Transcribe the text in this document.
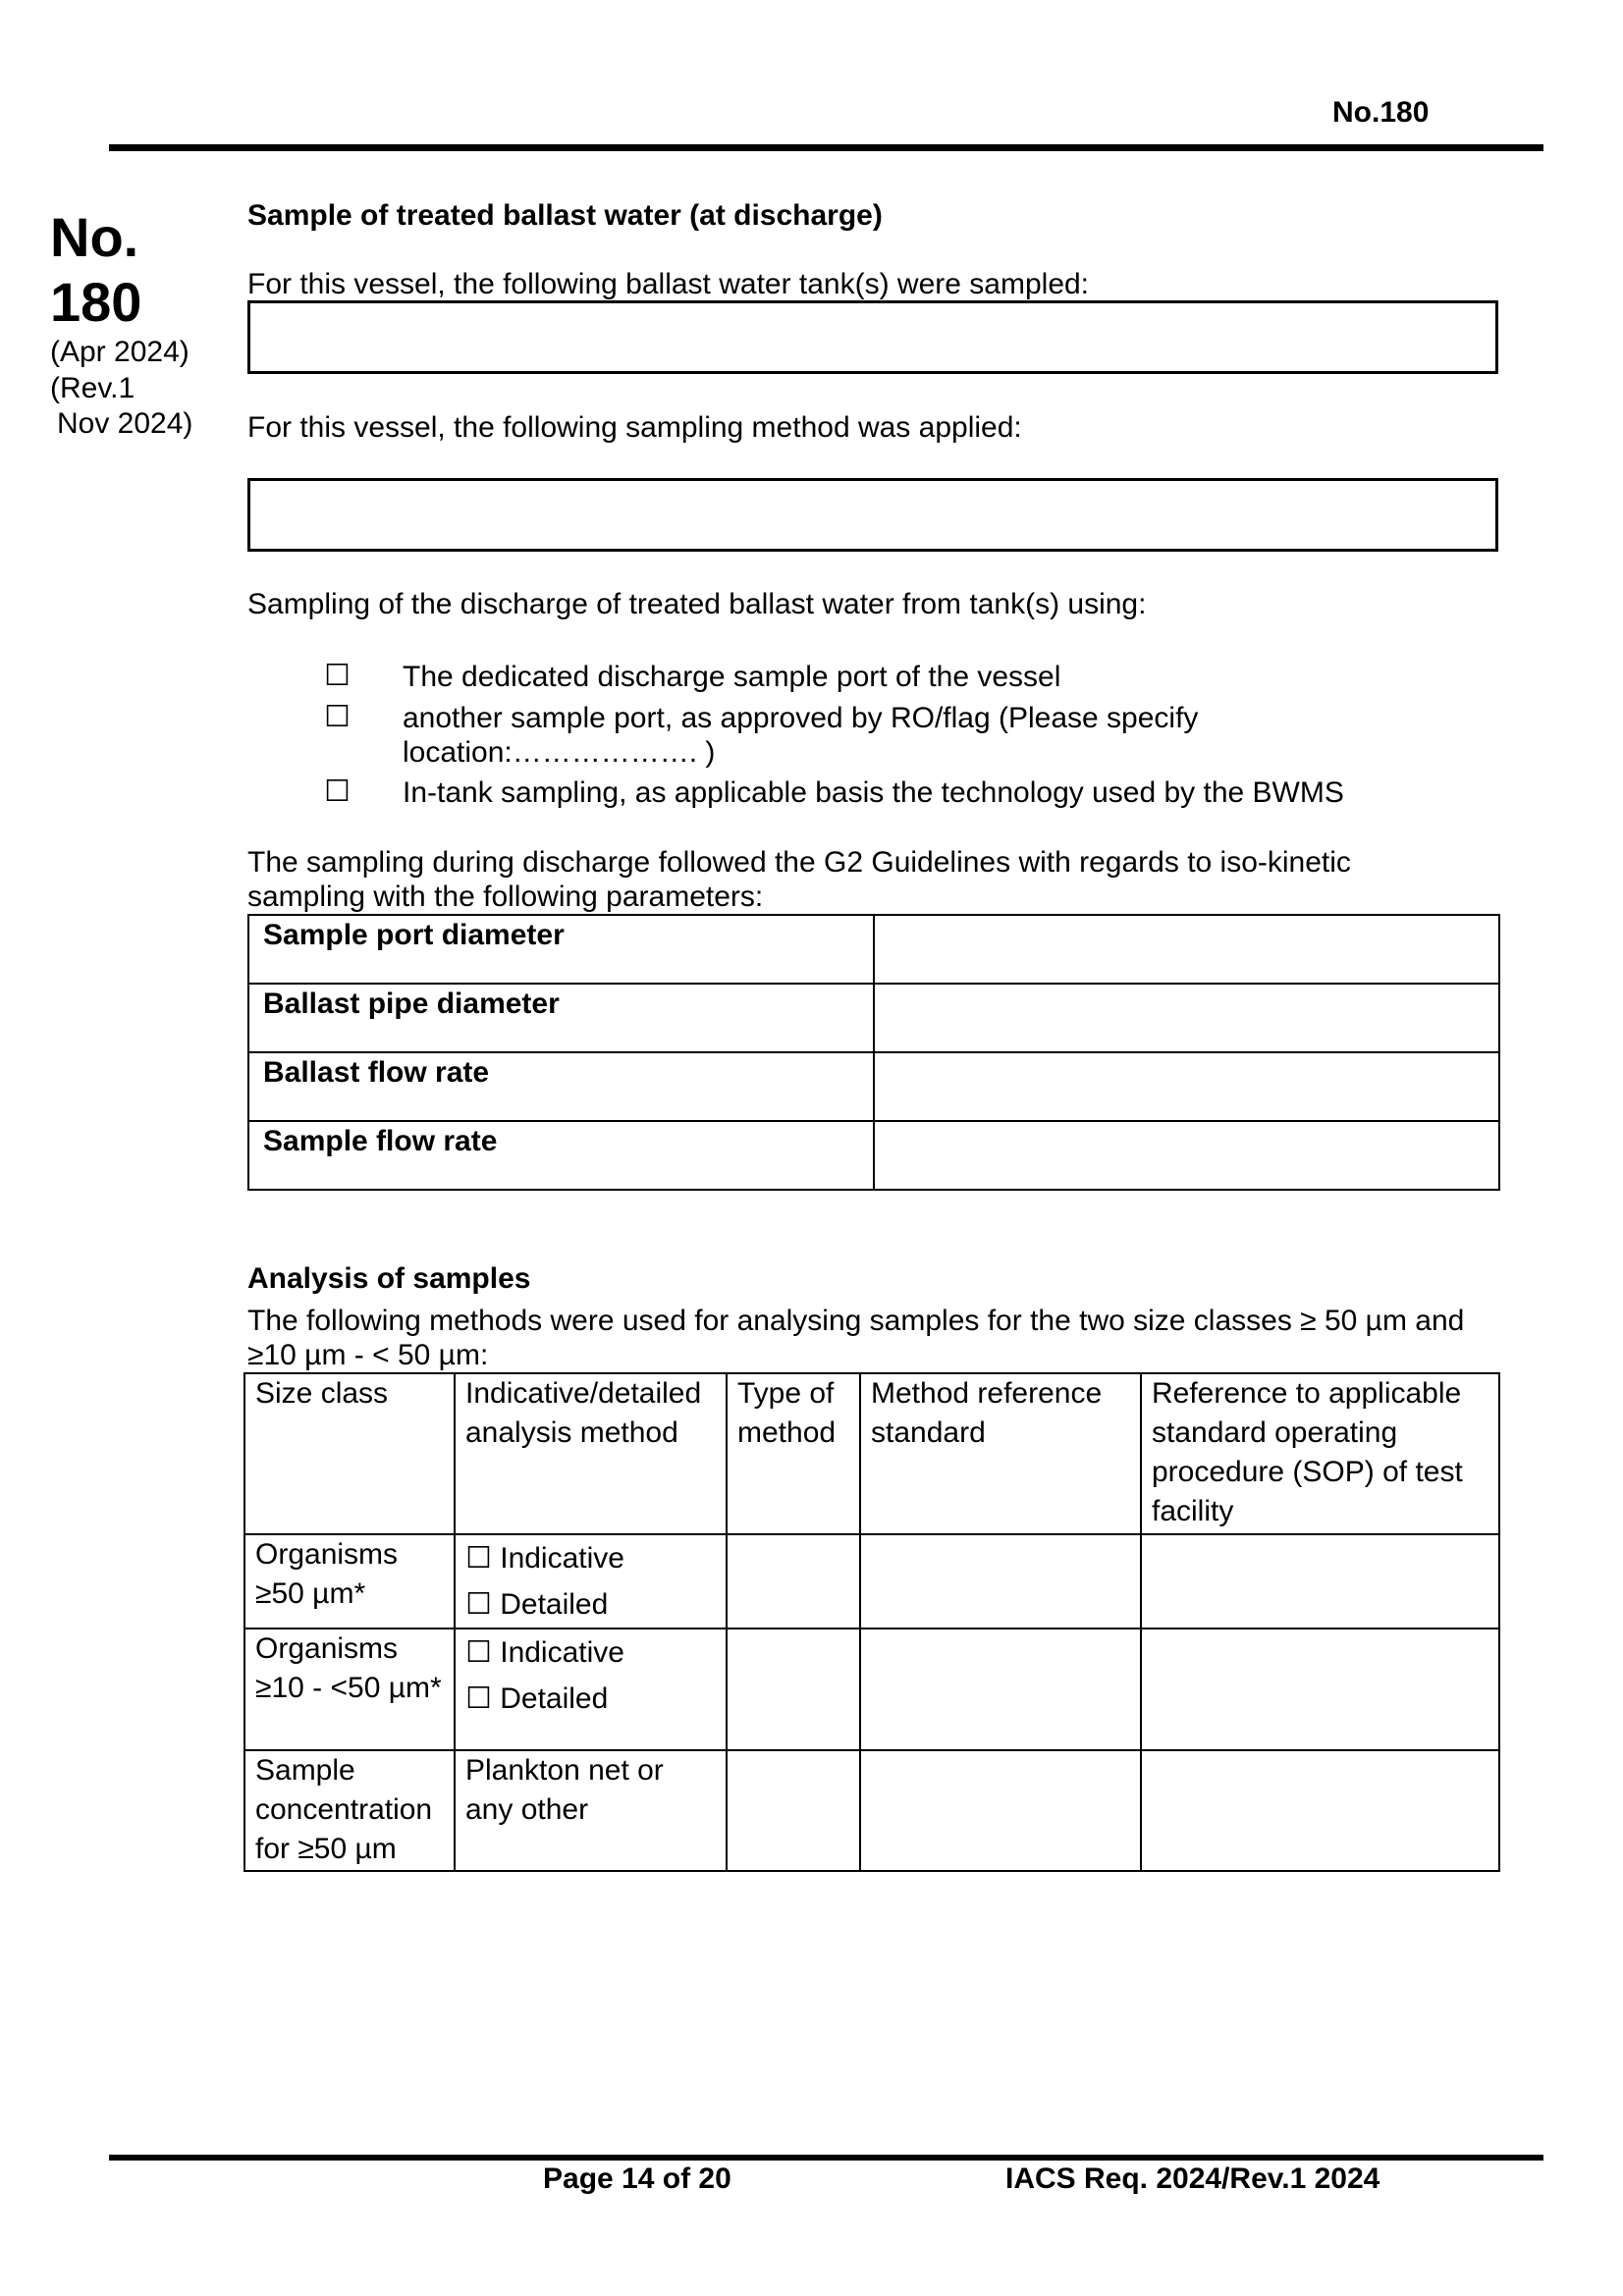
No.180
No.
180
(Apr 2024)
(Rev.1
Nov 2024)
Sample of treated ballast water (at discharge)
For this vessel, the following ballast water tank(s) were sampled:
For this vessel, the following sampling method was applied:
Sampling of the discharge of treated ballast water from tank(s) using:
☐ The dedicated discharge sample port of the vessel
☐ another sample port, as approved by RO/flag (Please specify
location:………………. )
☐ In-tank sampling, as applicable basis the technology used by the BWMS
The sampling during discharge followed the G2 Guidelines with regards to iso-kinetic
sampling with the following parameters:
Sample port diameter	
Ballast pipe diameter	
Ballast flow rate	
Sample flow rate	
Analysis of samples
The following methods were used for analysing samples for the two size classes ≥ 50 µm and
≥10 µm - < 50 µm:
Size class	Indicative/detailed analysis method	Type of method	Method reference standard	Reference to applicable standard operating procedure (SOP) of test facility
Organisms ≥50 µm*	☐ Indicative
☐ Detailed			

Organisms ≥10 - <50 µm*	☐ Indicative
☐ Detailed			

Sample concentration for ≥50 µm	Plankton net or any other			
Page 14 of 20	IACS Req. 2024/Rev.1 2024
